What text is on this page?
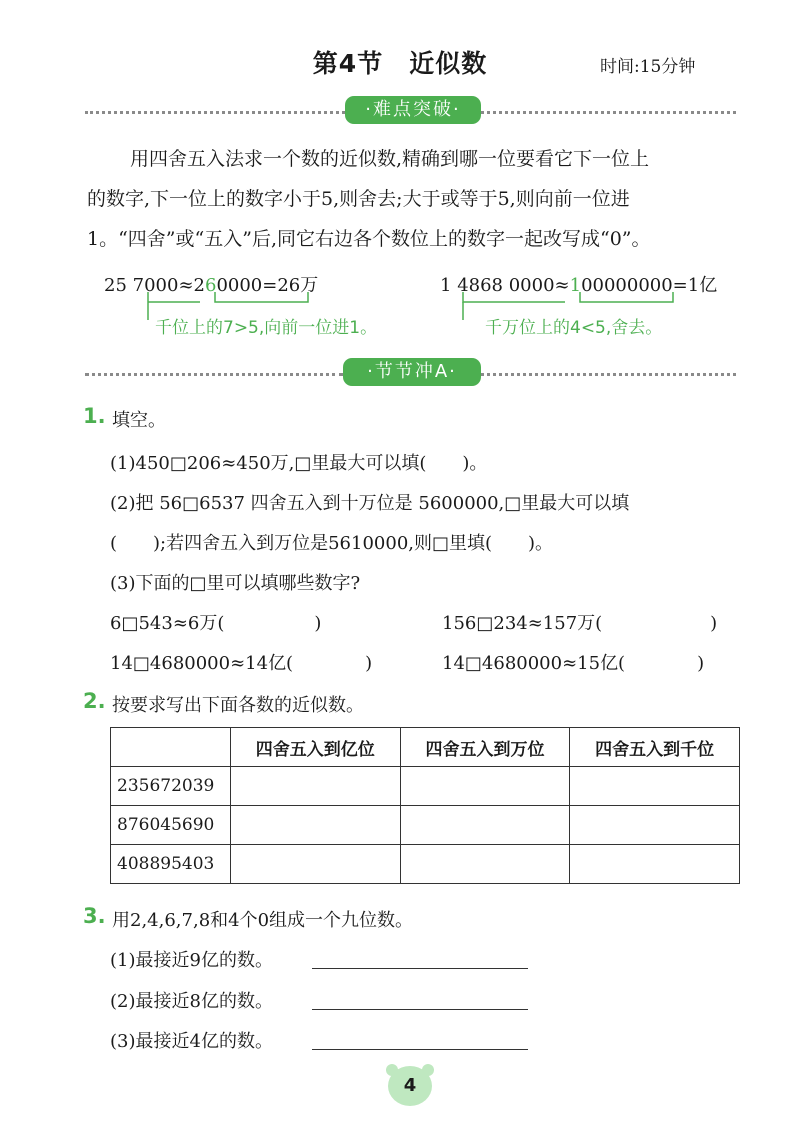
第4节　近似数	时间:15分钟
·难点突破·
用四舍五入法求一个数的近似数,精确到哪一位要看它下一位上
的数字,下一位上的数字小于5,则舍去;大于或等于5,则向前一位进
1。“四舍”或“五入”后,同它右边各个数位上的数字一起改写成“0”。
25 7000≈260000=26万
千位上的7>5,向前一位进1。
1 4868 0000≈100000000=1亿
千万位上的4<5,舍去。
·节节冲A·
1. 填空。
(1)450□206≈450万,□里最大可以填(　　)。
(2)把 56□6537 四舍五入到十万位是 5600000,□里最大可以填
(　　);若四舍五入到万位是5610000,则□里填(　　)。
(3)下面的□里可以填哪些数字?
6□543≈6万(　　　　　)	156□234≈157万(　　　　　　)
14□4680000≈14亿(　　　　)	14□4680000≈15亿(　　　　)
2. 按要求写出下面各数的近似数。
	四舍五入到亿位	四舍五入到万位	四舍五入到千位
235672039			
876045690			
408895403			
3. 用2,4,6,7,8和4个0组成一个九位数。
(1)最接近9亿的数。
(2)最接近8亿的数。
(3)最接近4亿的数。
4
